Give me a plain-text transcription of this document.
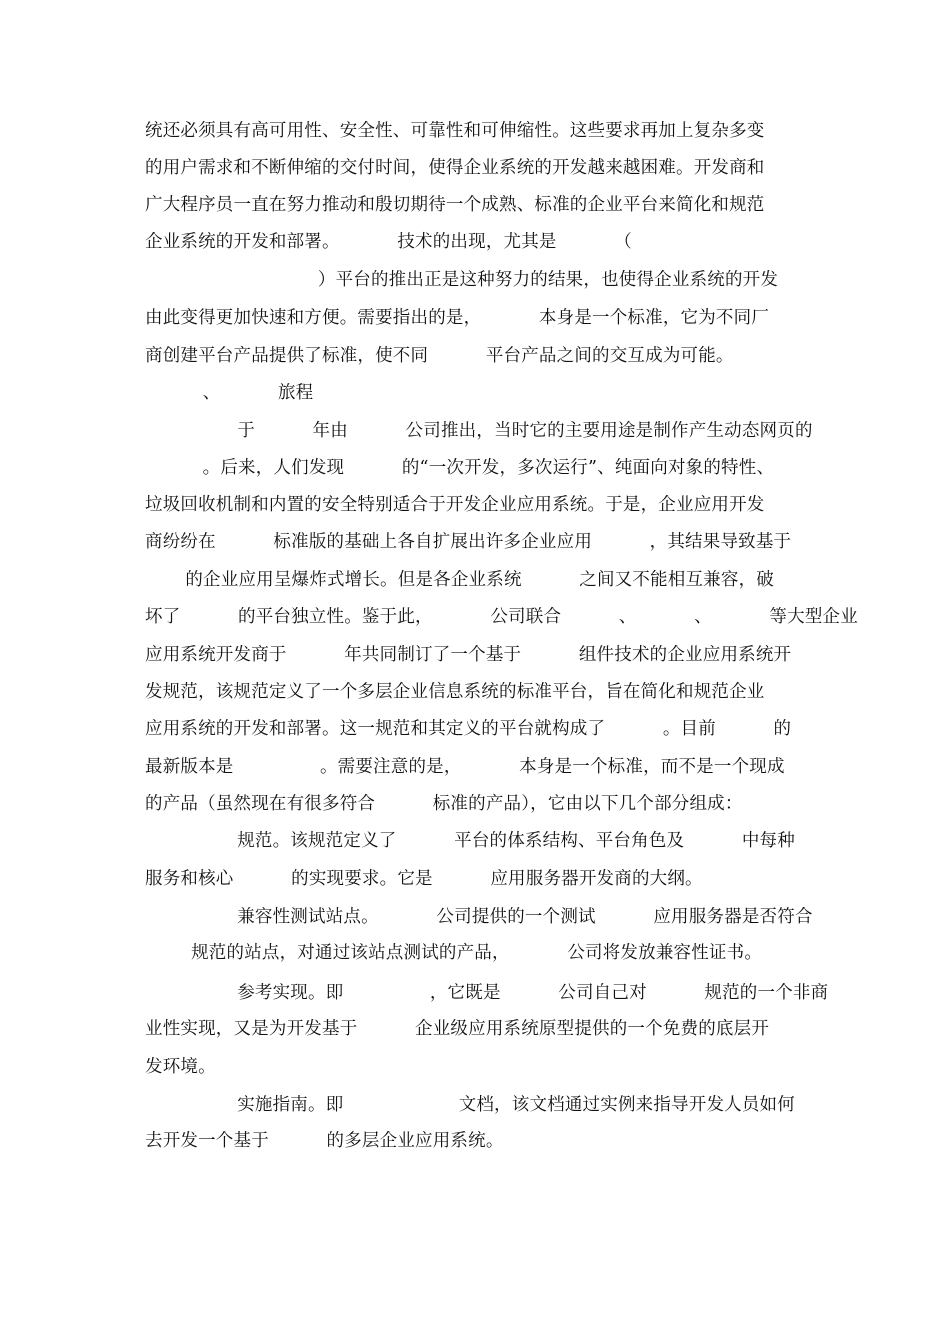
统还必须具有高可用性、安全性、可靠性和可伸缩性。这些要求再加上复杂多变
的用户需求和不断伸缩的交付时间，使得企业系统的开发越来越困难。开发商和
广大程序员一直在努力推动和殷切期待一个成熟、标准的企业平台来简化和规范
企业系统的开发和部署。          技术的出现，尤其是          （
）平台的推出正是这种努力的结果，也使得企业系统的开发
由此变得更加快速和方便。需要指出的是，          本身是一个标准，它为不同厂
商创建平台产品提供了标准，使不同          平台产品之间的交互成为可能。
、          旅程
于          年由          公司推出，当时它的主要用途是制作产生动态网页的
。后来，人们发现          的“一次开发，多次运行”、纯面向对象的特性、
垃圾回收机制和内置的安全特别适合于开发企业应用系统。于是，企业应用开发
商纷纷在          标准版的基础上各自扩展出许多企业应用          ，其结果导致基于
的企业应用呈爆炸式增长。但是各企业系统          之间又不能相互兼容，破
坏了          的平台独立性。鉴于此，          公司联合          、          、          等大型企业
应用系统开发商于          年共同制订了一个基于          组件技术的企业应用系统开
发规范，该规范定义了一个多层企业信息系统的标准平台，旨在简化和规范企业
应用系统的开发和部署。这一规范和其定义的平台就构成了          。目前          的
最新版本是               。需要注意的是，          本身是一个标准，而不是一个现成
的产品（虽然现在有很多符合          标准的产品），它由以下几个部分组成：
规范。该规范定义了          平台的体系结构、平台角色及          中每种
服务和核心          的实现要求。它是          应用服务器开发商的大纲。
兼容性测试站点。          公司提供的一个测试          应用服务器是否符合
规范的站点，对通过该站点测试的产品，          公司将发放兼容性证书。
参考实现。即               ，它既是          公司自己对          规范的一个非商
业性实现，又是为开发基于          企业级应用系统原型提供的一个免费的底层开
发环境。
实施指南。即                    文档，该文档通过实例来指导开发人员如何
去开发一个基于          的多层企业应用系统。
